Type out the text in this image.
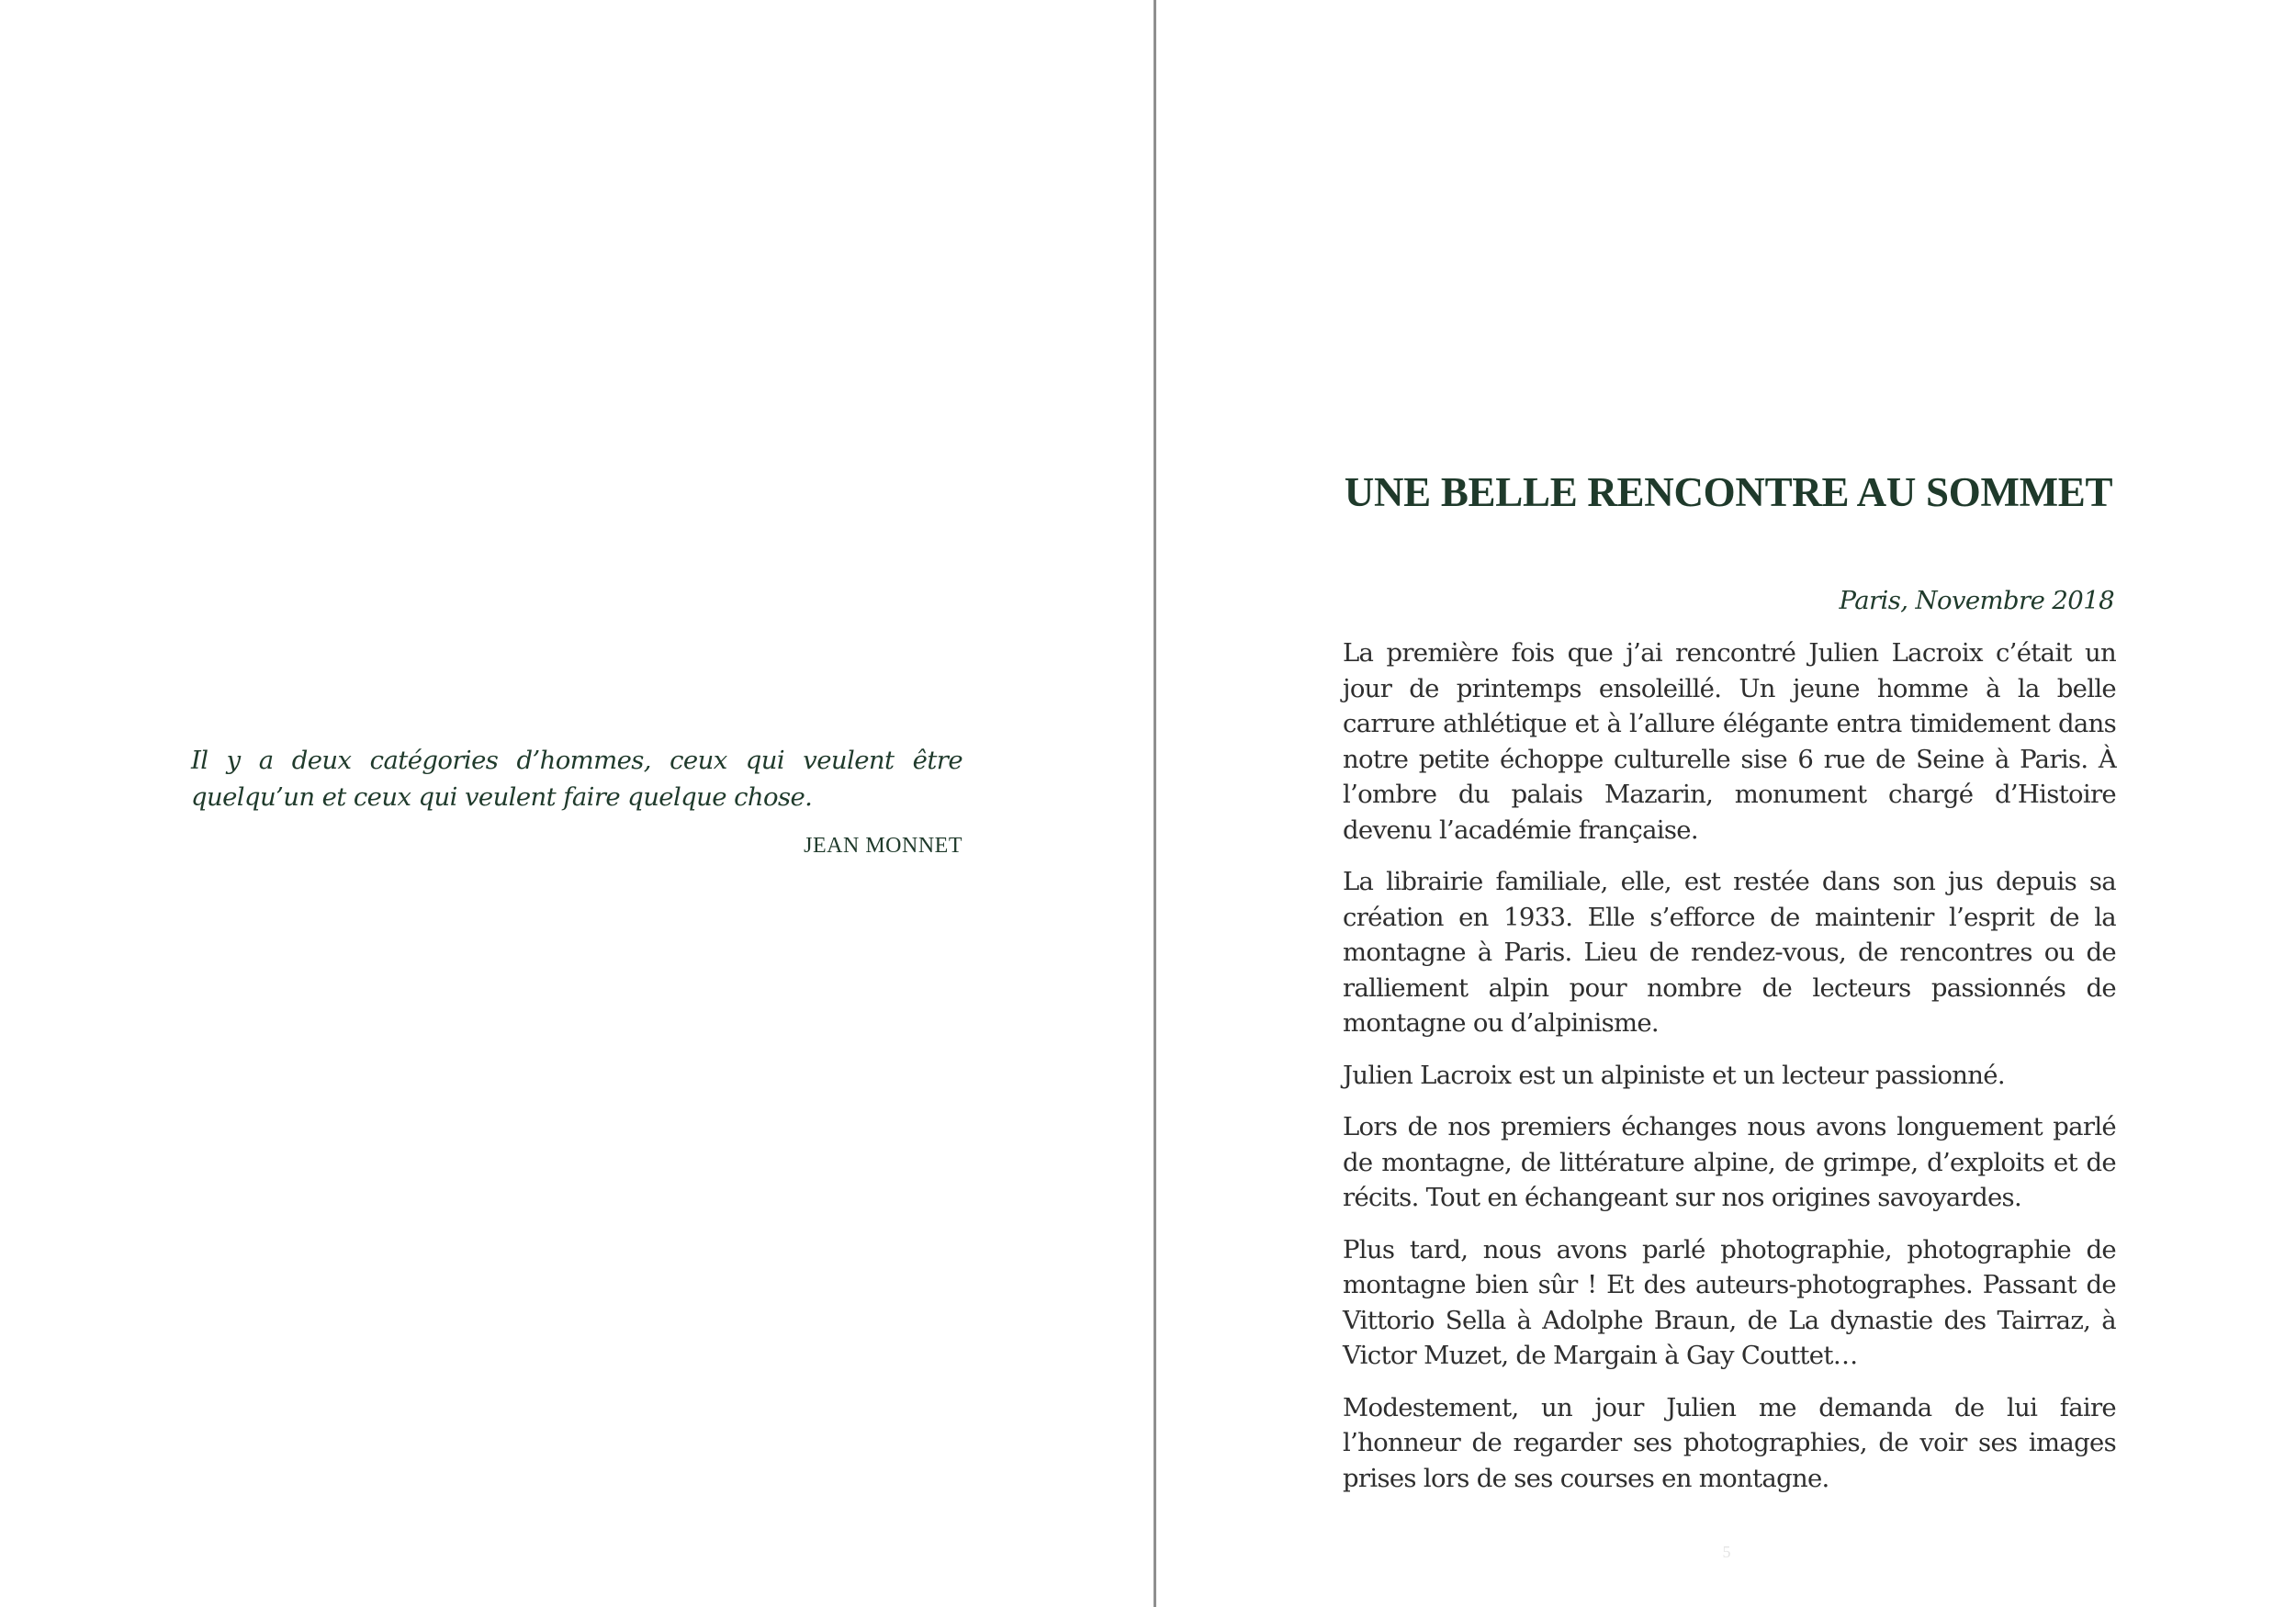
Il y a deux catégories d’hommes, ceux qui veulent être quelqu’un et ceux qui veulent faire quelque chose.

JEAN MONNET
UNE BELLE RENCONTRE AU SOMMET
Paris, Novembre 2018

La première fois que j’ai rencontré Julien Lacroix c’était un jour de printemps ensoleillé. Un jeune homme à la belle carrure athlétique et à l’allure élégante entra timidement dans notre petite échoppe culturelle sise 6 rue de Seine à Paris. À l’ombre du palais Mazarin, monument chargé d’Histoire devenu l’académie française.

La librairie familiale, elle, est restée dans son jus depuis sa création en 1933. Elle s’efforce de maintenir l’esprit de la montagne à Paris. Lieu de rendez-vous, de rencontres ou de ralliement alpin pour nombre de lecteurs passionnés de montagne ou d’alpinisme.

Julien Lacroix est un alpiniste et un lecteur passionné.

Lors de nos premiers échanges nous avons longuement parlé de montagne, de littérature alpine, de grimpe, d’exploits et de récits. Tout en échangeant sur nos origines savoyardes.

Plus tard, nous avons parlé photographie, photographie de montagne bien sûr ! Et des auteurs-photographes. Passant de Vittorio Sella à Adolphe Braun, de La dynastie des Tairraz, à Victor Muzet, de Margain à Gay Couttet…

Modestement, un jour Julien me demanda de lui faire l’honneur de regarder ses photographies, de voir ses images prises lors de ses courses en montagne.

5
